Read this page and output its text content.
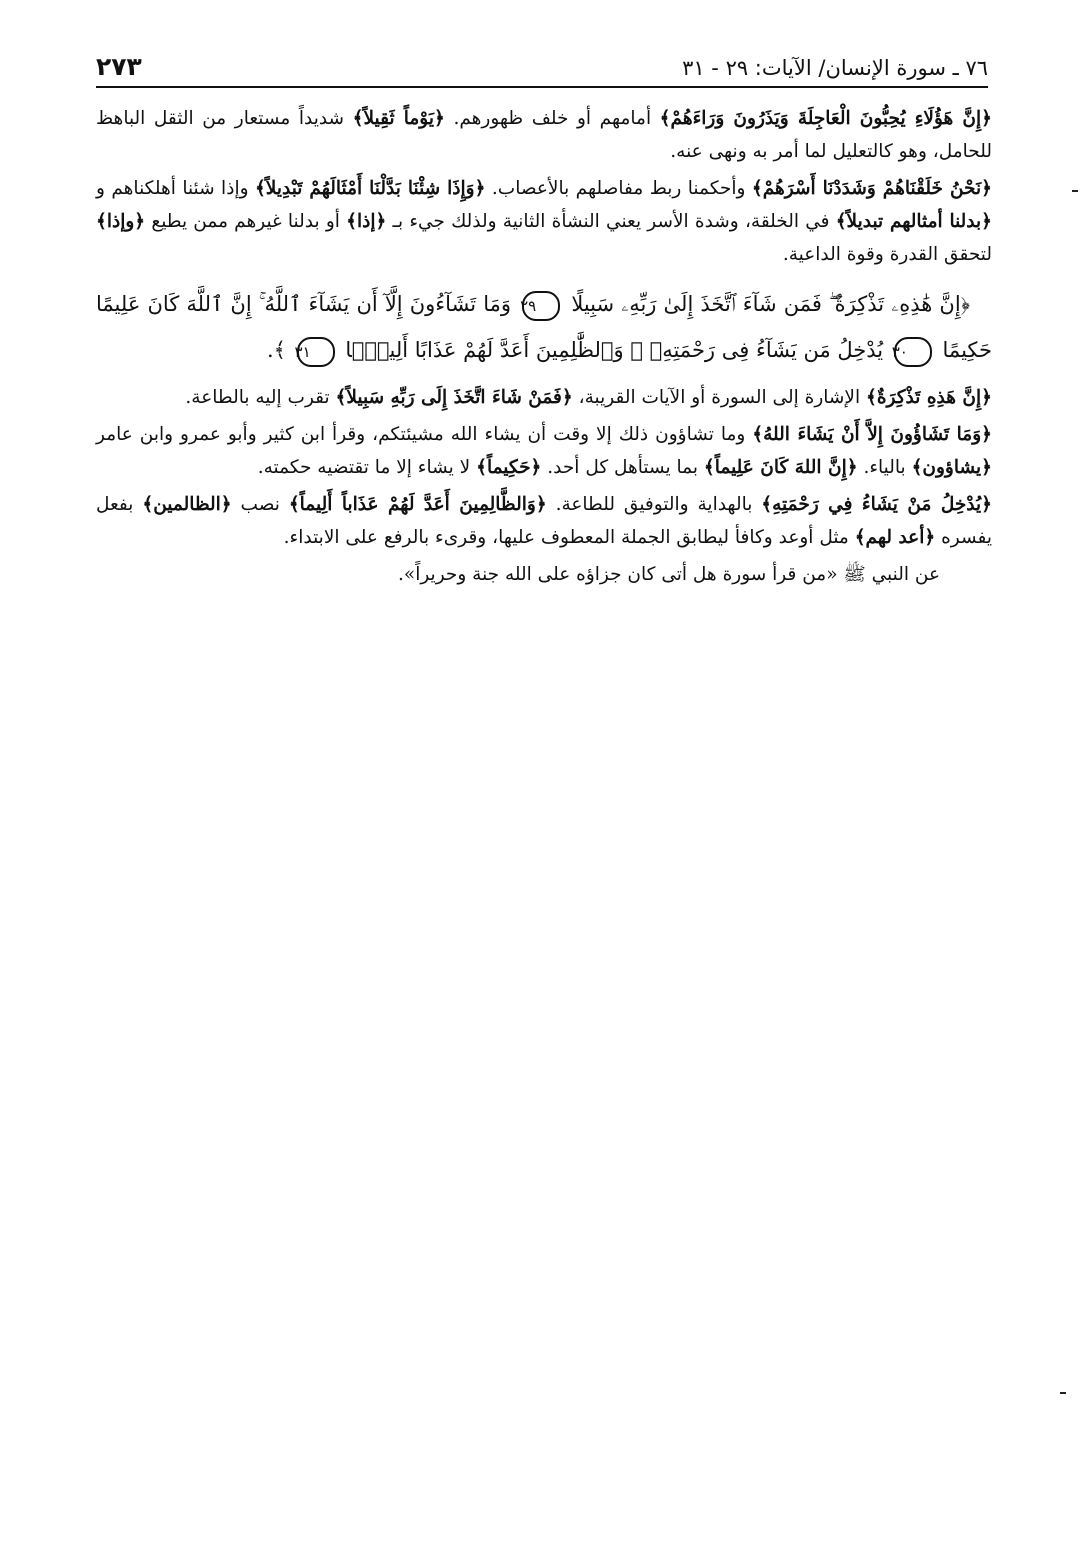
٧٦ ـ سورة الإنسان/ الآيات: ٢٩ - ٣١
٢٧٣
﴿ إِنَّ هَؤُلَاءِ يُحِبُّونَ الْعَاجِلَةَ وَيَذَرُونَ وَرَاءَهُمْ ﴾ أمامهم أو خلف ظهورهم. ﴿ يَوْماً ثَقِيلاً ﴾ شديداً مستعار من الثقل الباهظ للحامل، وهو كالتعليل لما أمر به ونهى عنه.
﴿ نَحْنُ خَلَقْنَاهُمْ وَشَدَدْنَا أَسْرَهُمْ ﴾ وأحكمنا ربط مفاصلهم بالأعصاب. ﴿ وَإِذَا شِئْنَا بَدَّلْنَا أَمْثَالَهُمْ تَبْدِيلاً ﴾ وإذا شئنا أهلكناهم و ﴿ بدلنا أمثالهم تبديلاً ﴾ في الخلقة، وشدة الأسر يعني النشأة الثانية ولذلك جيء بـ ﴿ إذا ﴾ أو بدلنا غيرهم ممن يطيع ﴿ وإذا ﴾ لتحقق القدرة وقوة الداعية.
﴿إِنَّ هَٰذِهِۦ تَذْكِرَةٌ ۖ فَمَن شَآءَ ٱتَّخَذَ إِلَىٰ رَبِّهِۦ سَبِيلًا ٢٩ وَمَا تَشَآءُونَ إِلَّآ أَن يَشَآءَ ٱللَّهُ ۚ إِنَّ ٱللَّهَ كَانَ عَلِيمًا حَكِيمًا ٣٠ يُدْخِلُ مَن يَشَآءُ فِى رَحْمَتِهِۦ ۚ وَٱلظَّٰلِمِينَ أَعَدَّ لَهُمْ عَذَابًا أَلِيمًۢا ٣١ ﴾.
﴿ إِنَّ هَذِهِ تَذْكِرَةٌ ﴾ الإشارة إلى السورة أو الآيات القريبة، ﴿ فَمَنْ شَاءَ اتَّخَذَ إِلَى رَبِّهِ سَبِيلاً ﴾ تقرب إليه بالطاعة.
﴿ وَمَا تَشَاؤُونَ إِلاَّ أَنْ يَشَاءَ اللهُ ﴾ وما تشاؤون ذلك إلا وقت أن يشاء الله مشيئتكم، وقرأ ابن كثير وأبو عمرو وابن عامر ﴿ يشاؤون ﴾ بالياء. ﴿ إِنَّ اللهَ كَانَ عَلِيماً ﴾ بما يستأهل كل أحد. ﴿ حَكِيماً ﴾ لا يشاء إلا ما تقتضيه حكمته.
﴿ يُدْخِلُ مَنْ يَشَاءُ فِي رَحْمَتِهِ ﴾ بالهداية والتوفيق للطاعة. ﴿ وَالظَّالِمِينَ أَعَدَّ لَهُمْ عَذَاباً أَلِيماً ﴾ نصب ﴿ الظالمين ﴾ بفعل يفسره ﴿ أعد لهم ﴾ مثل أوعد وكافأ ليطابق الجملة المعطوف عليها، وقرىء بالرفع على الابتداء.
عن النبي ﷺ «من قرأ سورة هل أتى كان جزاؤه على الله جنة وحريراً».
